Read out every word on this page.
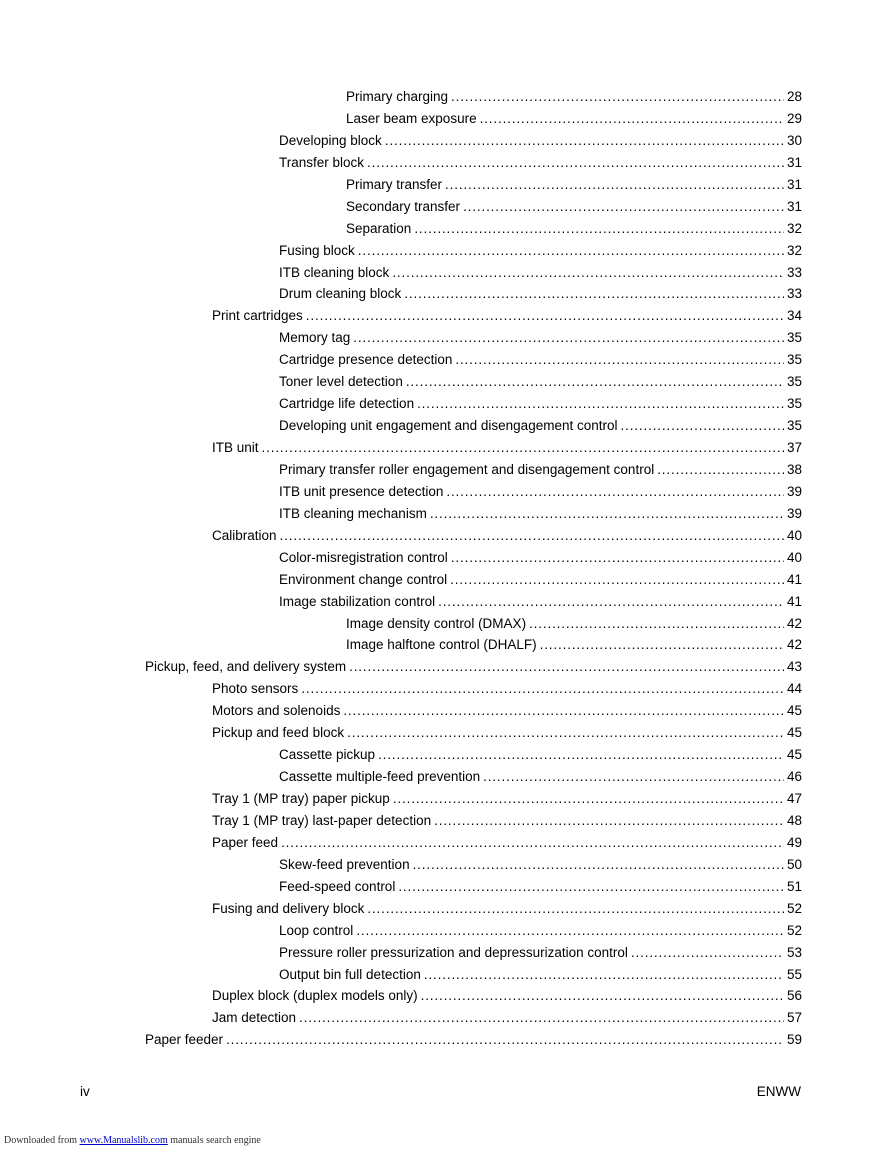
Primary charging . . .	28
Laser beam exposure . . .	29
Developing block . . .	30
Transfer block . . .	31
Primary transfer . . .	31
Secondary transfer . . .	31
Separation . . .	32
Fusing block . . .	32
ITB cleaning block . . .	33
Drum cleaning block . . .	33
Print cartridges . . .	34
Memory tag . . .	35
Cartridge presence detection . . .	35
Toner level detection . . .	35
Cartridge life detection . . .	35
Developing unit engagement and disengagement control . . .	35
ITB unit . . .	37
Primary transfer roller engagement and disengagement control . . .	38
ITB unit presence detection . . .	39
ITB cleaning mechanism . . .	39
Calibration . . .	40
Color-misregistration control . . .	40
Environment change control . . .	41
Image stabilization control . . .	41
Image density control (DMAX) . . .	42
Image halftone control (DHALF) . . .	42
Pickup, feed, and delivery system . . .	43
Photo sensors . . .	44
Motors and solenoids . . .	45
Pickup and feed block . . .	45
Cassette pickup . . .	45
Cassette multiple-feed prevention . . .	46
Tray 1 (MP tray) paper pickup . . .	47
Tray 1 (MP tray) last-paper detection . . .	48
Paper feed . . .	49
Skew-feed prevention . . .	50
Feed-speed control . . .	51
Fusing and delivery block . . .	52
Loop control . . .	52
Pressure roller pressurization and depressurization control . . .	53
Output bin full detection . . .	55
Duplex block (duplex models only) . . .	56
Jam detection . . .	57
Paper feeder . . .	59
iv	ENWW
Downloaded from www.Manualslib.com manuals search engine
